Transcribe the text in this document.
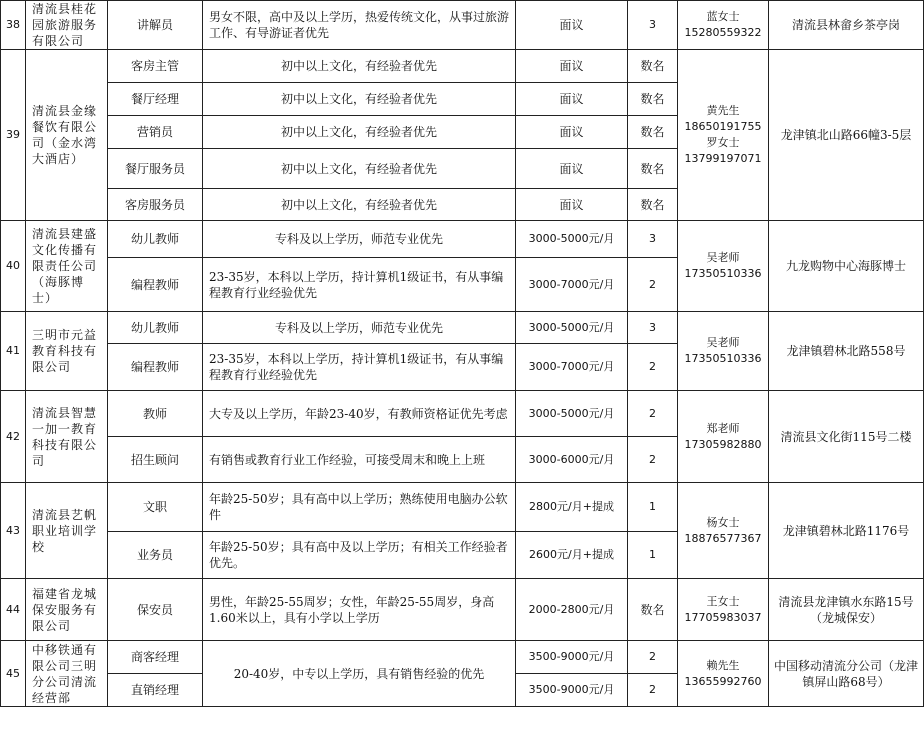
38	清流县桂花园旅游服务有限公司	讲解员	男女不限，高中及以上学历，热爱传统文化，从事过旅游工作、有导游证者优先	面议	3	蓝女士 15280559322	清流县林畲乡茶亭岗
39	清流县金缘餐饮有限公司（金水湾大酒店）	客房主管	初中以上文化，有经验者优先	面议	数名	黄先生 18650191755 罗女士 13799197071	龙津镇北山路66幢3-5层
		餐厅经理	初中以上文化，有经验者优先	面议	数名		
		营销员	初中以上文化，有经验者优先	面议	数名		
		餐厅服务员	初中以上文化，有经验者优先	面议	数名		
		客房服务员	初中以上文化，有经验者优先	面议	数名		
40	清流县建盛文化传播有限责任公司（海豚博士）	幼儿教师	专科及以上学历，师范专业优先	3000-5000元/月	3	吴老师 17350510336	九龙购物中心海豚博士
		编程教师	23-35岁，本科以上学历，持计算机1级证书，有从事编程教育行业经验优先	3000-7000元/月	2		
41	三明市元益教育科技有限公司	幼儿教师	专科及以上学历，师范专业优先	3000-5000元/月	3	吴老师 17350510336	龙津镇碧林北路558号
		编程教师	23-35岁，本科以上学历，持计算机1级证书，有从事编程教育行业经验优先	3000-7000元/月	2		
42	清流县智慧一加一教育科技有限公司	教师	大专及以上学历，年龄23-40岁，有教师资格证优先考虑	3000-5000元/月	2	郑老师 17305982880	清流县文化街115号二楼
		招生顾问	有销售或教育行业工作经验，可接受周末和晚上上班	3000-6000元/月	2		
43	清流县艺帆职业培训学校	文职	年龄25-50岁；具有高中以上学历；熟练使用电脑办公软件	2800元/月+提成	1	杨女士 18876577367	龙津镇碧林北路1176号
		业务员	年龄25-50岁；具有高中及以上学历；有相关工作经验者优先。	2600元/月+提成	1		
44	福建省龙城保安服务有限公司	保安员	男性，年龄25-55周岁；女性，年龄25-55周岁，身高1.60米以上，具有小学以上学历	2000-2800元/月	数名	王女士 17705983037	清流县龙津镇水东路15号（龙城保安）
45	中移铁通有限公司三明分公司清流经营部	商客经理	20-40岁，中专以上学历，具有销售经验的优先	3500-9000元/月	2	赖先生 13655992760	中国移动清流分公司（龙津镇屏山路68号）
		直销经理		3500-9000元/月	2		
